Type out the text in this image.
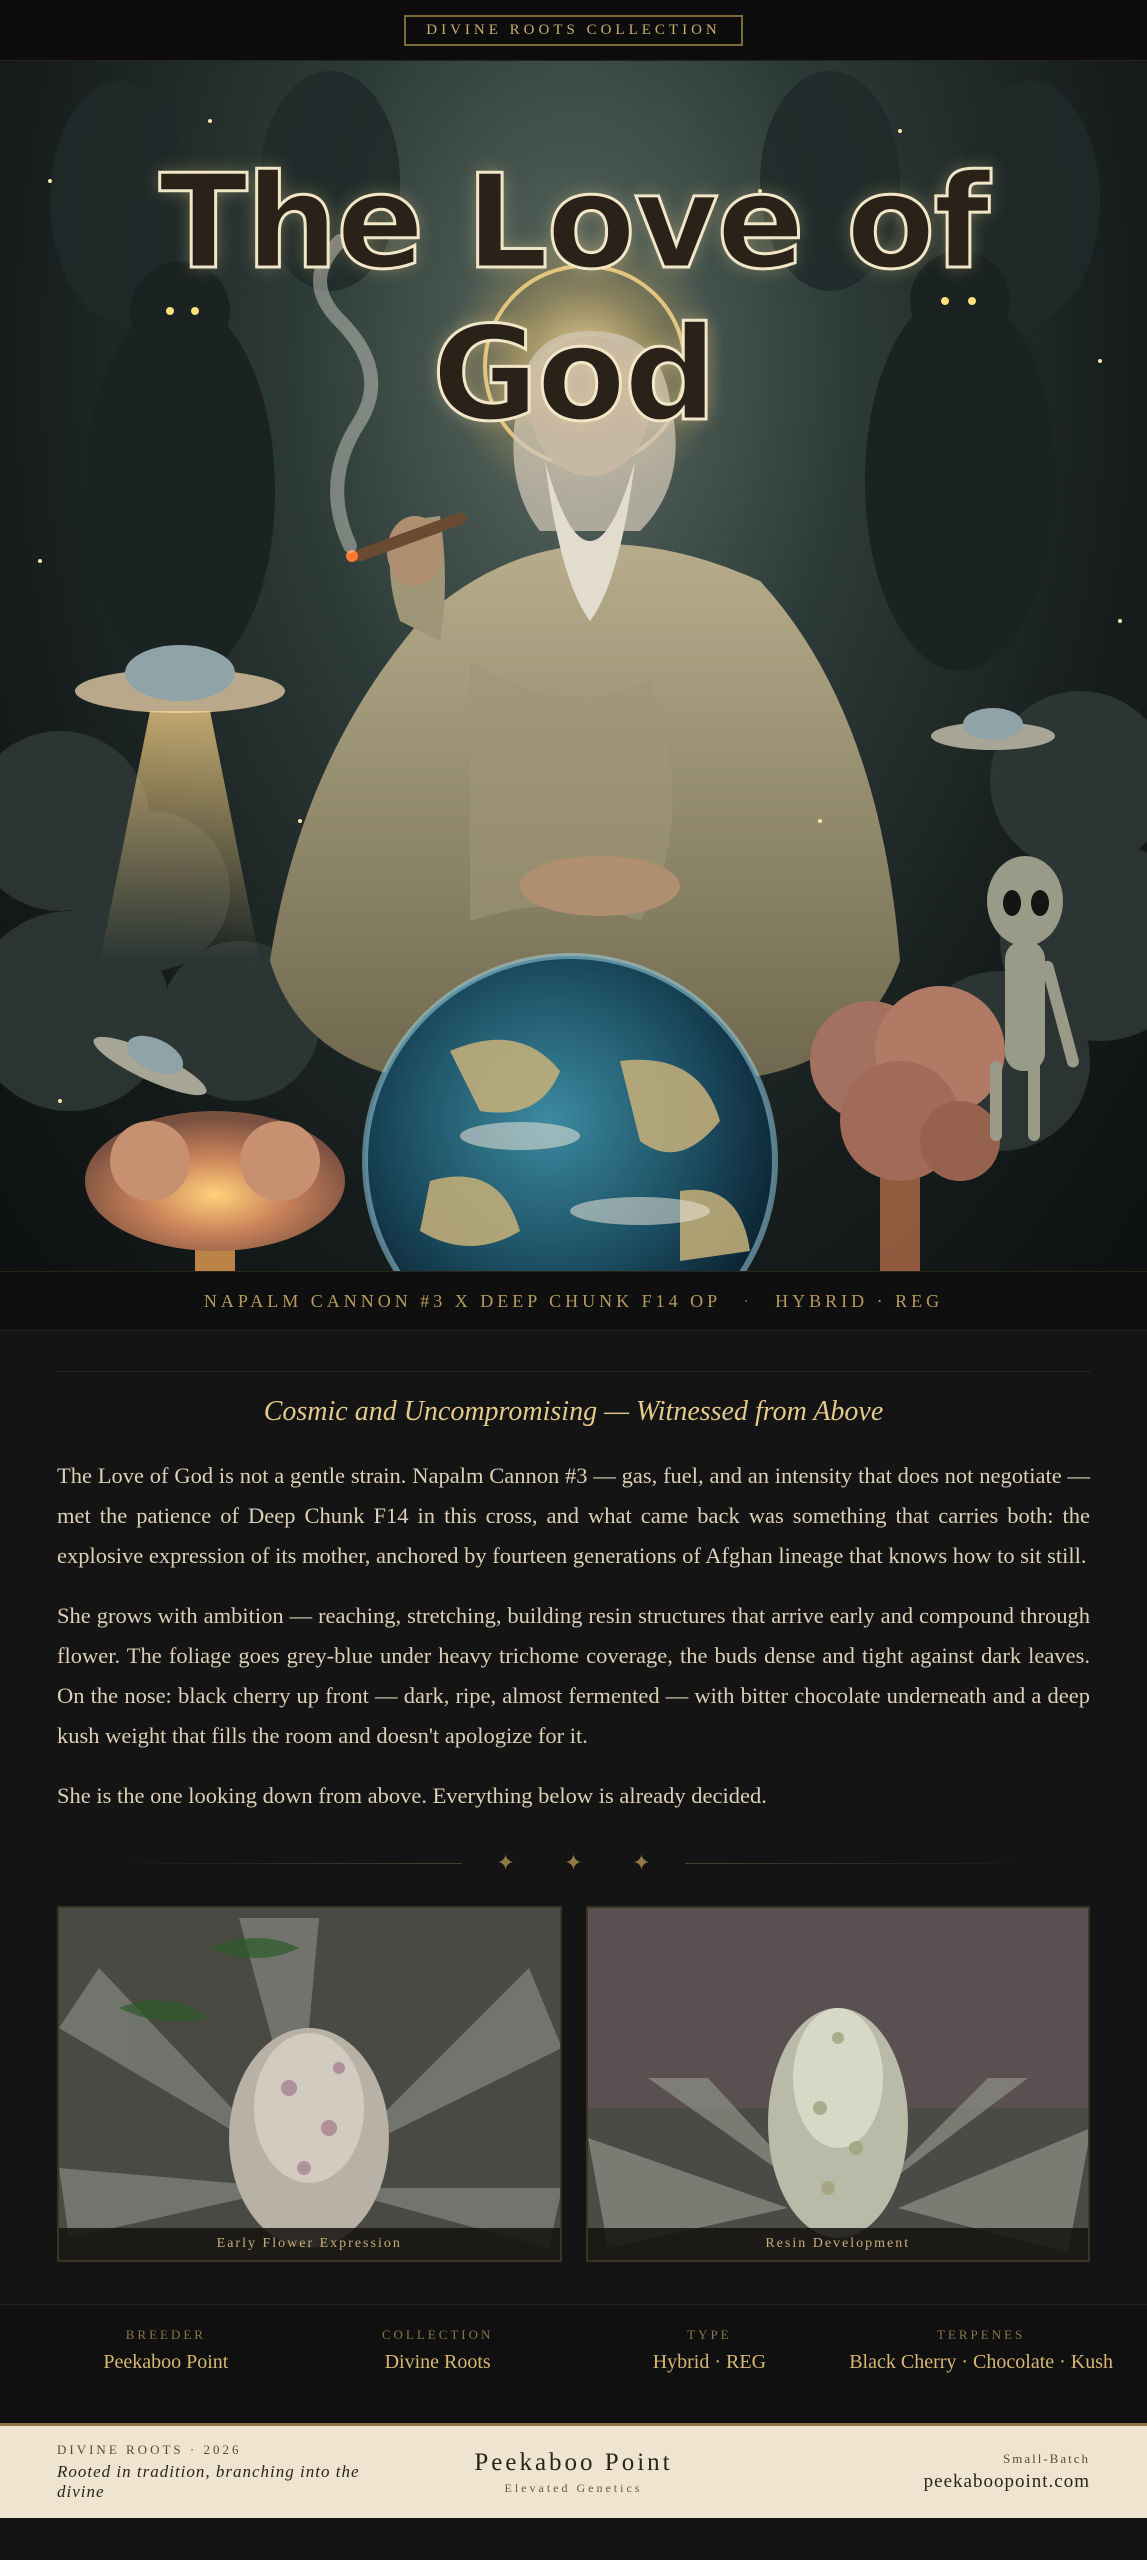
DIVINE ROOTS COLLECTION
The Love of God
NAPALM CANNON #3 X DEEP CHUNK F14 OP · HYBRID · REG
Cosmic and Uncompromising — Witnessed from Above

The Love of God is not a gentle strain. Napalm Cannon #3 — gas, fuel, and an intensity that does not negotiate — met the patience of Deep Chunk F14 in this cross, and what came back was something that carries both: the explosive expression of its mother, anchored by fourteen generations of Afghan lineage that knows how to sit still.

She grows with ambition — reaching, stretching, building resin structures that arrive early and compound through flower. The foliage goes grey-blue under heavy trichome coverage, the buds dense and tight against dark leaves. On the nose: black cherry up front — dark, ripe, almost fermented — with bitter chocolate underneath and a deep kush weight that fills the room and doesn't apologize for it.

She is the one looking down from above. Everything below is already decided.

✦ ✦ ✦
Early Flower Expression	Resin Development
BREEDER
Peekaboo Point
COLLECTION
Divine Roots
TYPE
Hybrid · REG
TERPENES
Black Cherry · Chocolate · Kush
DIVINE ROOTS · 2026
Rooted in tradition, branching into the divine
Peekaboo Point
Elevated Genetics
Small-Batch
peekaboopoint.com
